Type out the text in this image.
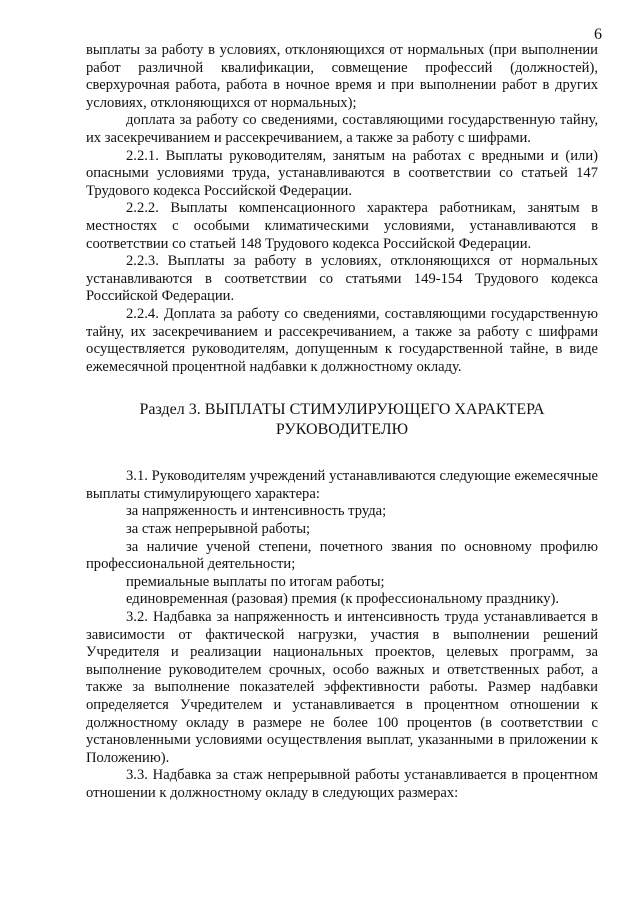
6

выплаты за работу в условиях, отклоняющихся от нормальных (при выполнении работ различной квалификации, совмещение профессий (должностей), сверхурочная работа, работа в ночное время и при выполнении работ в других условиях, отклоняющихся от нормальных);

доплата за работу со сведениями, составляющими государственную тайну, их засекречиванием и рассекречиванием, а также за работу с шифрами.

2.2.1. Выплаты руководителям, занятым на работах с вредными и (или) опасными условиями труда, устанавливаются в соответствии со статьей 147 Трудового кодекса Российской Федерации.

2.2.2. Выплаты компенсационного характера работникам, занятым в местностях с особыми климатическими условиями, устанавливаются в соответствии со статьей 148 Трудового кодекса Российской Федерации.

2.2.3. Выплаты за работу в условиях, отклоняющихся от нормальных устанавливаются в соответствии со статьями 149-154 Трудового кодекса Российской Федерации.

2.2.4. Доплата за работу со сведениями, составляющими государственную тайну, их засекречиванием и рассекречиванием, а также за работу с шифрами осуществляется руководителям, допущенным к государственной тайне, в виде ежемесячной процентной надбавки к должностному окладу.

Раздел 3. ВЫПЛАТЫ СТИМУЛИРУЮЩЕГО ХАРАКТЕРА
РУКОВОДИТЕЛЮ

3.1. Руководителям учреждений устанавливаются следующие ежемесячные выплаты стимулирующего характера:

за напряженность и интенсивность труда;

за стаж непрерывной работы;

за наличие ученой степени, почетного звания по основному профилю профессиональной деятельности;

премиальные выплаты по итогам работы;

единовременная (разовая) премия (к профессиональному празднику).

3.2. Надбавка за напряженность и интенсивность труда устанавливается в зависимости от фактической нагрузки, участия в выполнении решений Учредителя и реализации национальных проектов, целевых программ, за выполнение руководителем срочных, особо важных и ответственных работ, а также за выполнение показателей эффективности работы. Размер надбавки определяется Учредителем и устанавливается в процентном отношении к должностному окладу в размере не более 100 процентов (в соответствии с установленными условиями осуществления выплат, указанными в приложении к Положению).

3.3. Надбавка за стаж непрерывной работы устанавливается в процентном отношении к должностному окладу в следующих размерах:
